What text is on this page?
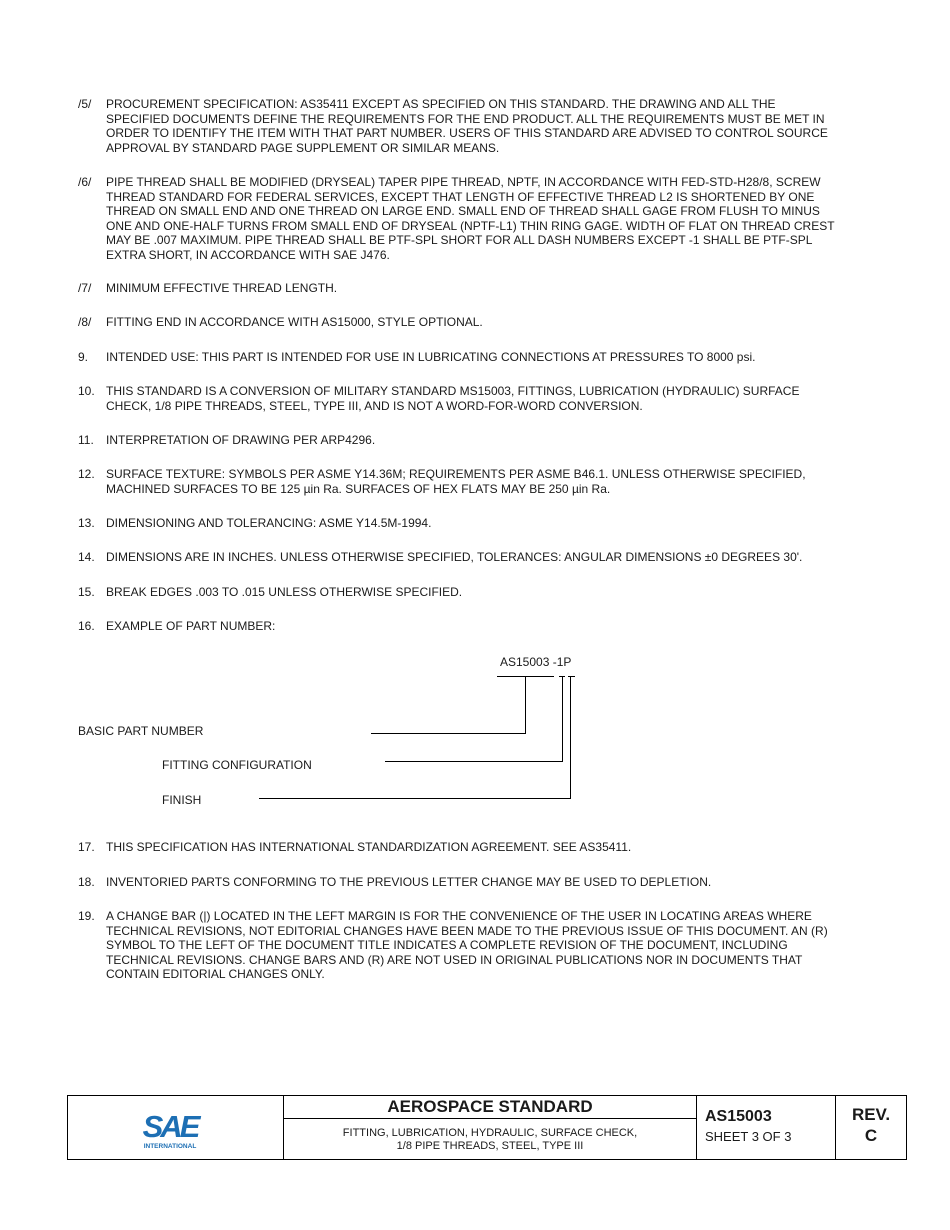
/5/	PROCUREMENT SPECIFICATION: AS35411 EXCEPT AS SPECIFIED ON THIS STANDARD. THE DRAWING AND ALL THE
SPECIFIED DOCUMENTS DEFINE THE REQUIREMENTS FOR THE END PRODUCT. ALL THE REQUIREMENTS MUST BE MET IN
ORDER TO IDENTIFY THE ITEM WITH THAT PART NUMBER. USERS OF THIS STANDARD ARE ADVISED TO CONTROL SOURCE
APPROVAL BY STANDARD PAGE SUPPLEMENT OR SIMILAR MEANS.
/6/	PIPE THREAD SHALL BE MODIFIED (DRYSEAL) TAPER PIPE THREAD, NPTF, IN ACCORDANCE WITH FED-STD-H28/8, SCREW
THREAD STANDARD FOR FEDERAL SERVICES, EXCEPT THAT LENGTH OF EFFECTIVE THREAD L2 IS SHORTENED BY ONE
THREAD ON SMALL END AND ONE THREAD ON LARGE END. SMALL END OF THREAD SHALL GAGE FROM FLUSH TO MINUS
ONE AND ONE-HALF TURNS FROM SMALL END OF DRYSEAL (NPTF-L1) THIN RING GAGE. WIDTH OF FLAT ON THREAD CREST
MAY BE .007 MAXIMUM. PIPE THREAD SHALL BE PTF-SPL SHORT FOR ALL DASH NUMBERS EXCEPT -1 SHALL BE PTF-SPL
EXTRA SHORT, IN ACCORDANCE WITH SAE J476.
/7/	MINIMUM EFFECTIVE THREAD LENGTH.
/8/	FITTING END IN ACCORDANCE WITH AS15000, STYLE OPTIONAL.
9.	INTENDED USE: THIS PART IS INTENDED FOR USE IN LUBRICATING CONNECTIONS AT PRESSURES TO 8000 psi.
10. THIS STANDARD IS A CONVERSION OF MILITARY STANDARD MS15003, FITTINGS, LUBRICATION (HYDRAULIC) SURFACE
CHECK, 1/8 PIPE THREADS, STEEL, TYPE III, AND IS NOT A WORD-FOR-WORD CONVERSION.
11.	INTERPRETATION OF DRAWING PER ARP4296.
12. SURFACE TEXTURE: SYMBOLS PER ASME Y14.36M; REQUIREMENTS PER ASME B46.1. UNLESS OTHERWISE SPECIFIED,
MACHINED SURFACES TO BE 125 µin Ra. SURFACES OF HEX FLATS MAY BE 250 µin Ra.
13. DIMENSIONING AND TOLERANCING: ASME Y14.5M-1994.
14. DIMENSIONS ARE IN INCHES. UNLESS OTHERWISE SPECIFIED, TOLERANCES: ANGULAR DIMENSIONS ±0 DEGREES 30'.
15. BREAK EDGES .003 TO .015 UNLESS OTHERWISE SPECIFIED.
16. EXAMPLE OF PART NUMBER:
AS15003 -1P
BASIC PART NUMBER
FITTING CONFIGURATION
FINISH
17. THIS SPECIFICATION HAS INTERNATIONAL STANDARDIZATION AGREEMENT. SEE AS35411.
18. INVENTORIED PARTS CONFORMING TO THE PREVIOUS LETTER CHANGE MAY BE USED TO DEPLETION.
19. A CHANGE BAR (|) LOCATED IN THE LEFT MARGIN IS FOR THE CONVENIENCE OF THE USER IN LOCATING AREAS WHERE
TECHNICAL REVISIONS, NOT EDITORIAL CHANGES HAVE BEEN MADE TO THE PREVIOUS ISSUE OF THIS DOCUMENT. AN (R)
SYMBOL TO THE LEFT OF THE DOCUMENT TITLE INDICATES A COMPLETE REVISION OF THE DOCUMENT, INCLUDING
TECHNICAL REVISIONS. CHANGE BARS AND (R) ARE NOT USED IN ORIGINAL PUBLICATIONS NOR IN DOCUMENTS THAT
CONTAIN EDITORIAL CHANGES ONLY.
SAE
INTERNATIONAL
AEROSPACE STANDARD
FITTING, LUBRICATION, HYDRAULIC, SURFACE CHECK,
1/8 PIPE THREADS, STEEL, TYPE III
AS15003
SHEET 3 OF 3
REV.
C
